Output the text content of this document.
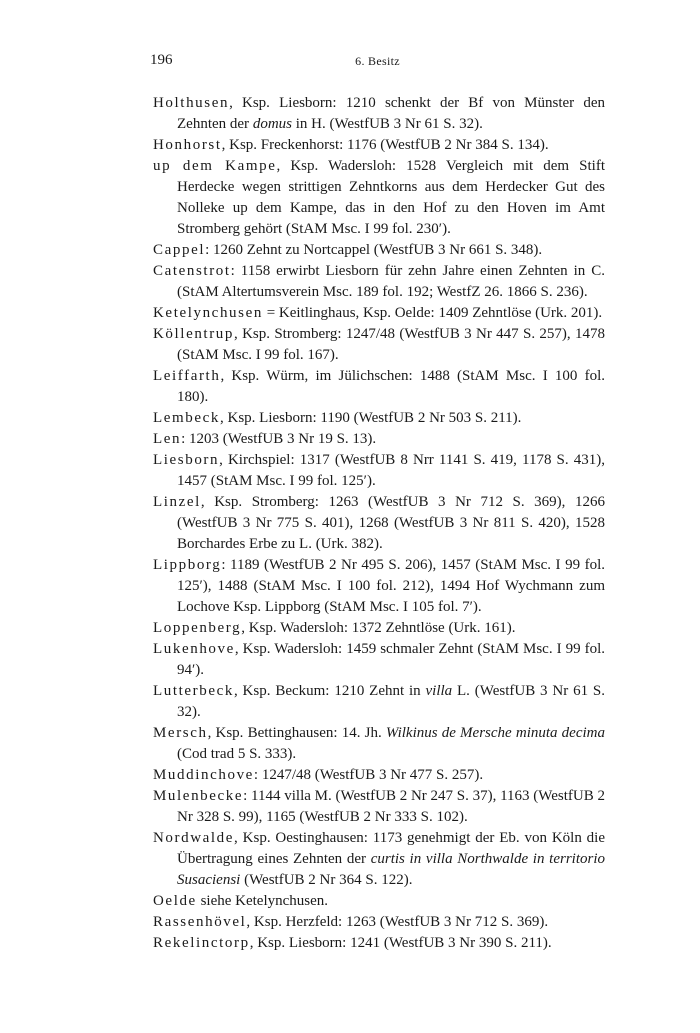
196	6. Besitz

Holthusen, Ksp. Liesborn: 1210 schenkt der Bf von Münster den Zehnten der domus in H. (WestfUB 3 Nr 61 S. 32).

Honhorst, Ksp. Freckenhorst: 1176 (WestfUB 2 Nr 384 S. 134).

up dem Kampe, Ksp. Wadersloh: 1528 Vergleich mit dem Stift Herdecke wegen strittigen Zehntkorns aus dem Herdecker Gut des Nolleke up dem Kampe, das in den Hof zu den Hoven im Amt Stromberg gehört (StAM Msc. I 99 fol. 230′).

Cappel: 1260 Zehnt zu Nortcappel (WestfUB 3 Nr 661 S. 348).

Catenstrot: 1158 erwirbt Liesborn für zehn Jahre einen Zehnten in C. (StAM Altertumsverein Msc. 189 fol. 192; WestfZ 26. 1866 S. 236).

Ketelynchusen = Keitlinghaus, Ksp. Oelde: 1409 Zehntlöse (Urk. 201).

Köllentrup, Ksp. Stromberg: 1247/48 (WestfUB 3 Nr 447 S. 257), 1478 (StAM Msc. I 99 fol. 167).

Leiffarth, Ksp. Würm, im Jülichschen: 1488 (StAM Msc. I 100 fol. 180).

Lembeck, Ksp. Liesborn: 1190 (WestfUB 2 Nr 503 S. 211).

Len: 1203 (WestfUB 3 Nr 19 S. 13).

Liesborn, Kirchspiel: 1317 (WestfUB 8 Nrr 1141 S. 419, 1178 S. 431), 1457 (StAM Msc. I 99 fol. 125′).

Linzel, Ksp. Stromberg: 1263 (WestfUB 3 Nr 712 S. 369), 1266 (WestfUB 3 Nr 775 S. 401), 1268 (WestfUB 3 Nr 811 S. 420), 1528 Borchardes Erbe zu L. (Urk. 382).

Lippborg: 1189 (WestfUB 2 Nr 495 S. 206), 1457 (StAM Msc. I 99 fol. 125′), 1488 (StAM Msc. I 100 fol. 212), 1494 Hof Wychmann zum Lochove Ksp. Lippborg (StAM Msc. I 105 fol. 7′).

Loppenberg, Ksp. Wadersloh: 1372 Zehntlöse (Urk. 161).

Lukenhove, Ksp. Wadersloh: 1459 schmaler Zehnt (StAM Msc. I 99 fol. 94′).

Lutterbeck, Ksp. Beckum: 1210 Zehnt in villa L. (WestfUB 3 Nr 61 S. 32).

Mersch, Ksp. Bettinghausen: 14. Jh. Wilkinus de Mersche minuta decima (Cod trad 5 S. 333).

Muddinchove: 1247/48 (WestfUB 3 Nr 477 S. 257).

Mulenbecke: 1144 villa M. (WestfUB 2 Nr 247 S. 37), 1163 (WestfUB 2 Nr 328 S. 99), 1165 (WestfUB 2 Nr 333 S. 102).

Nordwalde, Ksp. Oestinghausen: 1173 genehmigt der Eb. von Köln die Übertragung eines Zehnten der curtis in villa Northwalde in territorio Susaciensi (WestfUB 2 Nr 364 S. 122).

Oelde siehe Ketelynchusen.

Rassenhövel, Ksp. Herzfeld: 1263 (WestfUB 3 Nr 712 S. 369).

Rekelinctorp, Ksp. Liesborn: 1241 (WestfUB 3 Nr 390 S. 211).
